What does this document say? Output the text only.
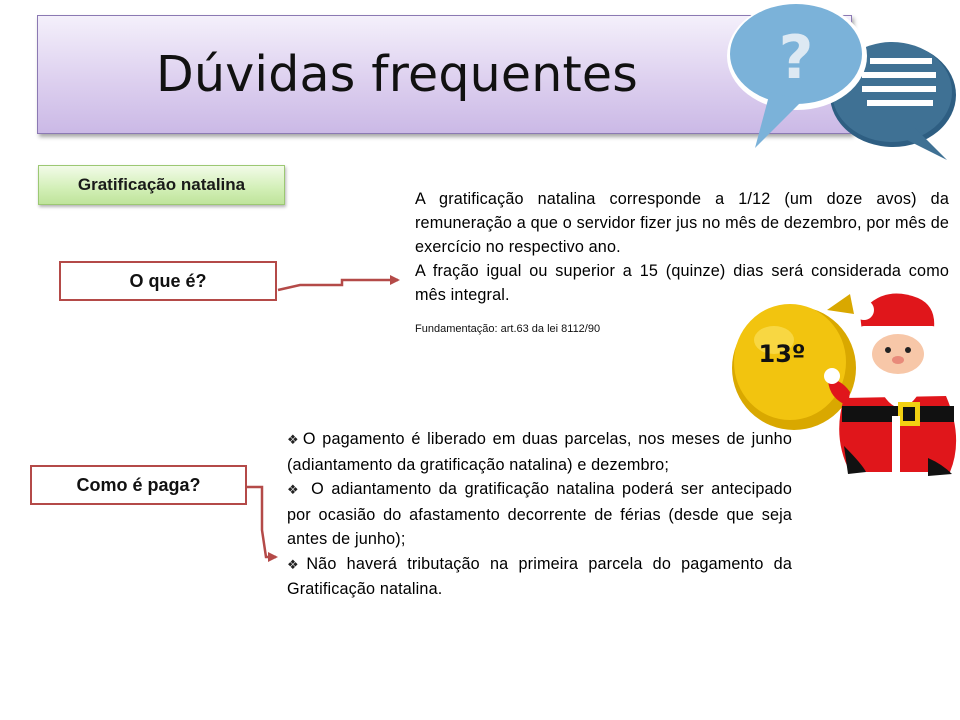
Dúvidas frequentes	?
Gratificação natalina
O que é?
Como é paga?

A gratificação natalina corresponde a 1/12 (um doze avos) da remuneração a que o servidor fizer jus no mês de dezembro, por mês de exercício no respectivo ano.

A fração igual ou superior a 15 (quinze) dias será considerada como mês integral.

Fundamentação: art.63 da lei 8112/90

❖ O pagamento é liberado em duas parcelas, nos meses de junho (adiantamento da gratificação natalina) e dezembro;

❖ O adiantamento da gratificação natalina poderá ser antecipado por ocasião do afastamento decorrente de férias (desde que seja antes de junho);

❖ Não haverá tributação na primeira parcela do pagamento da Gratificação natalina.

13º
